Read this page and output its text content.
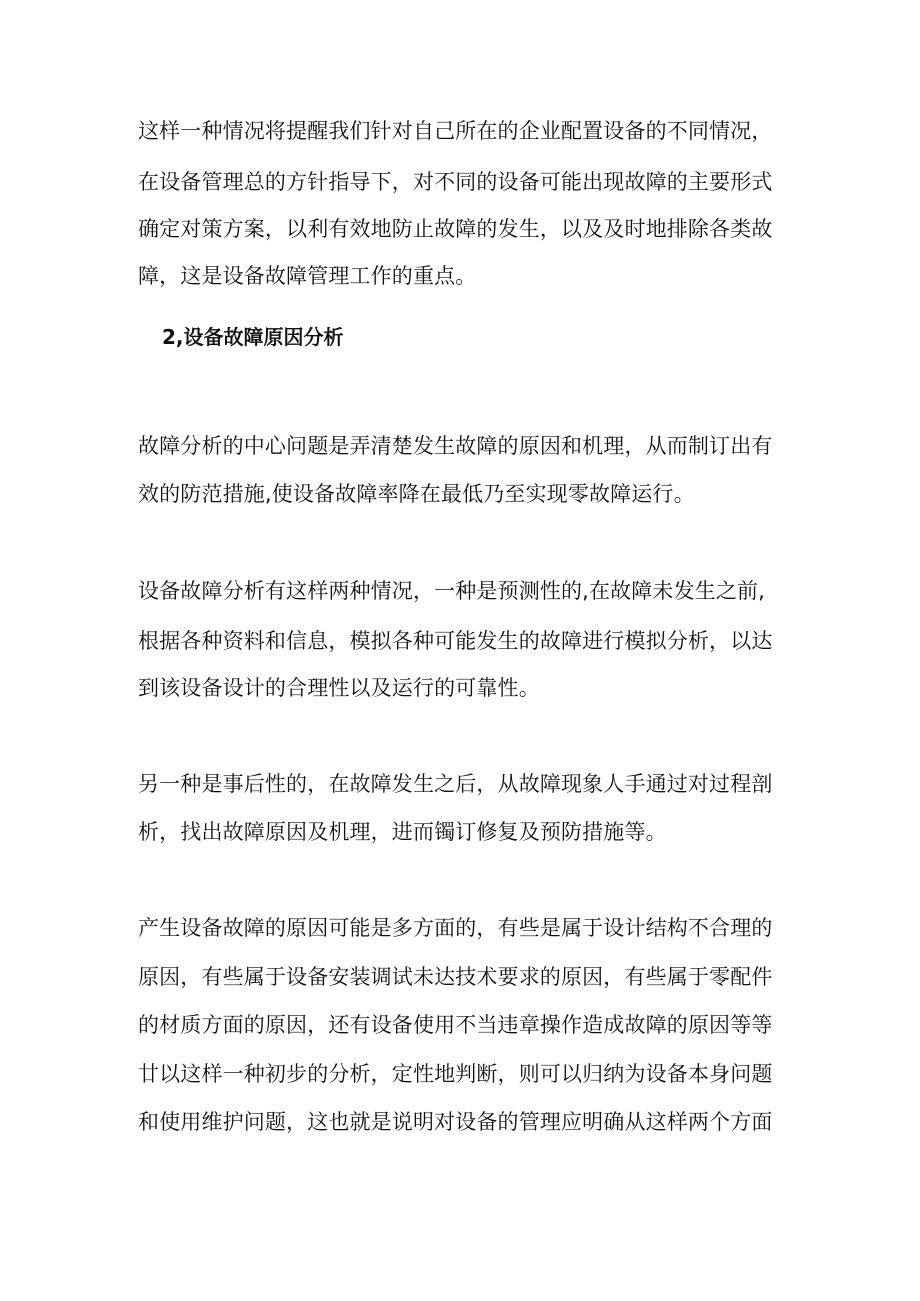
这样一种情况将提醒我们针对自己所在的企业配置设备的不同情况，

在设备管理总的方针指导下，对不同的设备可能出现故障的主要形式

确定对策方案，以利有效地防止故障的发生，以及及时地排除各类故

障，这是设备故障管理工作的重点。

2,设备故障原因分析

故障分析的中心问题是弄清楚发生故障的原因和机理，从而制订出有

效的防范措施,使设备故障率降在最低乃至实现零故障运行。

设备故障分析有这样两种情况，一种是预测性的,在故障未发生之前,

根据各种资料和信息，模拟各种可能发生的故障进行模拟分析，以达

到该设备设计的合理性以及运行的可靠性。

另一种是事后性的，在故障发生之后，从故障现象人手通过对过程剖

析，找出故障原因及机理，进而镯订修复及预防措施等。

产生设备故障的原因可能是多方面的，有些是属于设计结构不合理的

原因，有些属于设备安装调试未达技术要求的原因，有些属于零配件

的材质方面的原因，还有设备使用不当违章操作造成故障的原因等等

廿以这样一种初步的分析，定性地判断，则可以归纳为设备本身问题

和使用维护问题，这也就是说明对设备的管理应明确从这样两个方面
